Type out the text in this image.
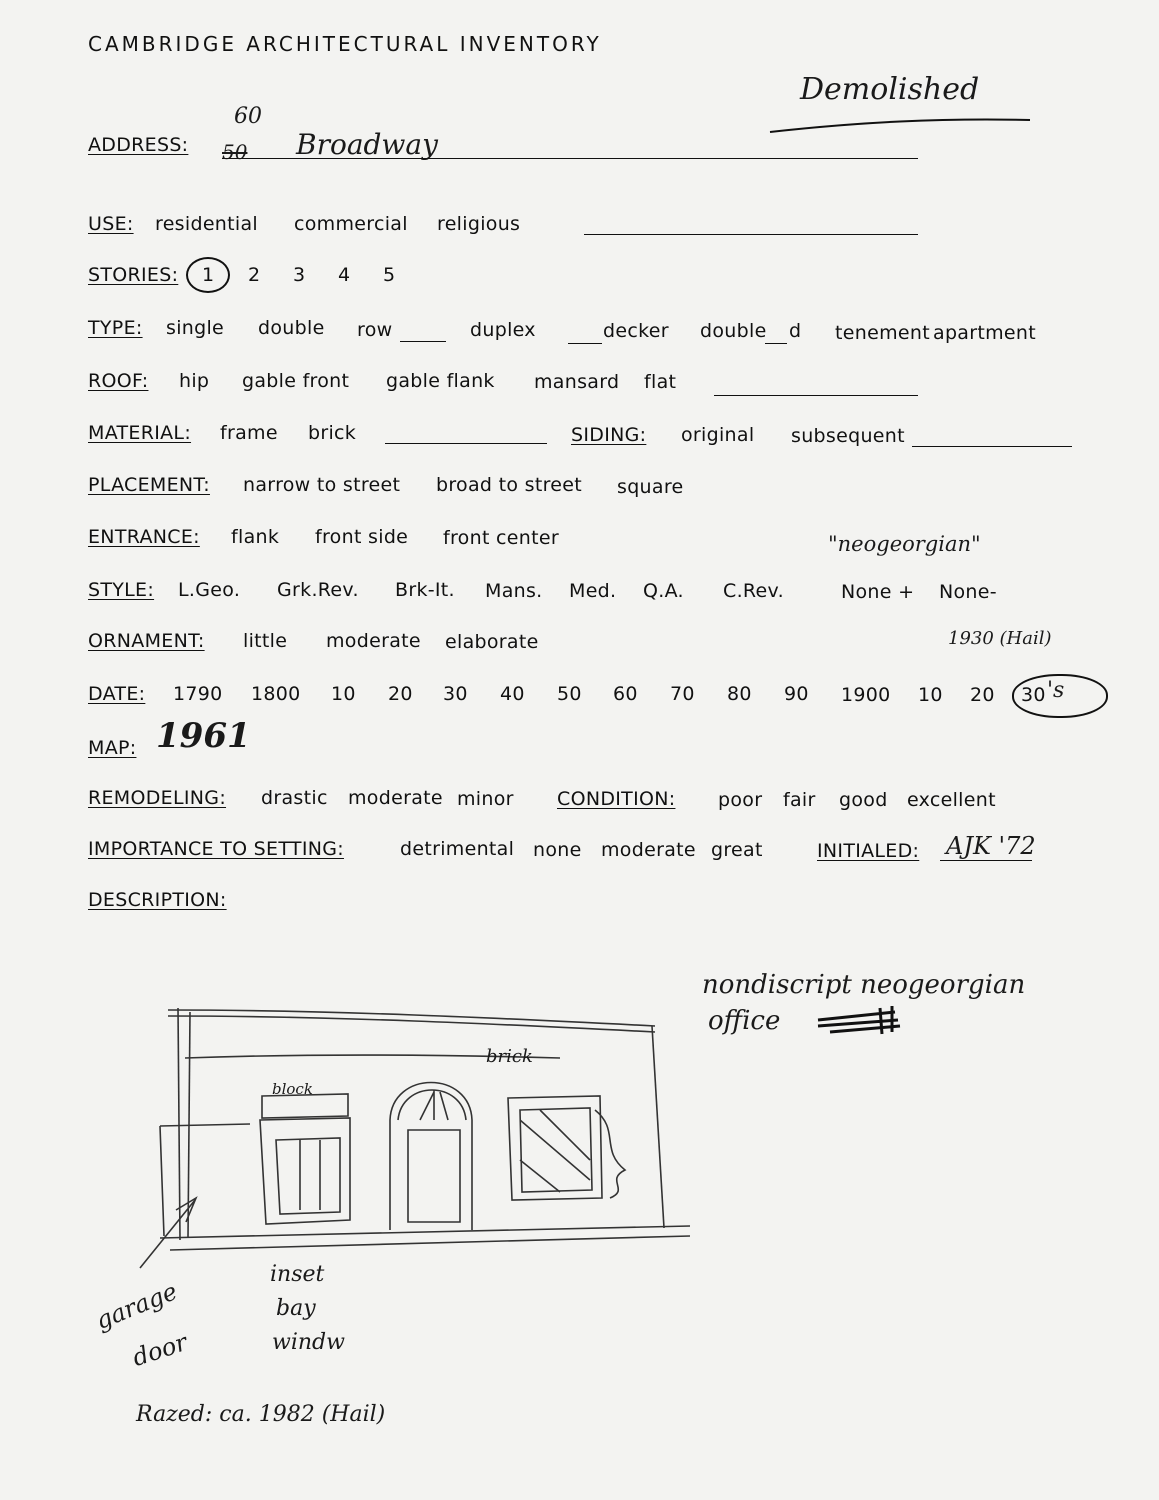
CAMBRIDGE ARCHITECTURAL INVENTORY
Demolished
ADDRESS: 50
60
Broadway
USE: residential commercial religious
STORIES: 1 2 3 4 5
TYPE: single double row	duplex	decker double d tenement apartment
ROOF: hip gable front gable flank mansard flat
MATERIAL: frame brick	SIDING: original subsequent
PLACEMENT: narrow to street broad to street square
ENTRANCE: flank front side front center	"neogeorgian"
STYLE: L.Geo. Grk.Rev. Brk-It. Mans. Med. Q.A. C.Rev.	None + None-
ORNAMENT: little moderate elaborate	1930 (Hail)
DATE: 1790 1800 10 20 30 40 50 60 70 80 90 1900 10 20 30 's
MAP: 1961
REMODELING: drastic moderate minor CONDITION: poor fair good excellent
IMPORTANCE TO SETTING:	detrimental none moderate great	INITIALED: AJK '72
DESCRIPTION:
nondiscript neogeorgian
office
block
brick
garage
door
inset
bay
windw
Razed: ca. 1982 (Hail)
